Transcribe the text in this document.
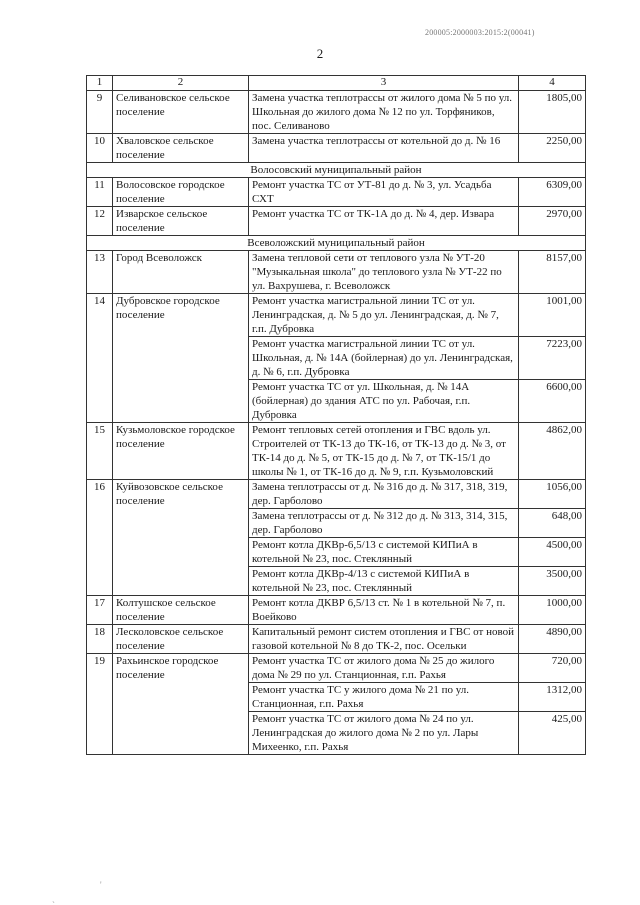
200005:2000003:2015:2(00041)
2
1	2	3	4
9	Селивановское сельское поселение	Замена участка теплотрассы от жилого дома № 5 по ул. Школьная до жилого дома № 12 по ул. Торфяников, пос. Селиваново	1805,00
10	Хваловское сельское поселение	Замена участка теплотрассы от котельной до д. № 16	2250,00
Волосовский муниципальный район			
11	Волосовское городское поселение	Ремонт участка ТС от УТ-81 до д. № 3, ул. Усадьба СХТ	6309,00
12	Изварское сельское поселение	Ремонт участка ТС от ТК-1А до д. № 4, дер. Извара	2970,00
Всеволожский муниципальный район			
13	Город Всеволожск	Замена тепловой сети от теплового узла № УТ-20 "Музыкальная школа" до теплового узла № УТ-22 по ул. Вахрушева, г. Всеволожск	8157,00
14	Дубровское городское поселение	Ремонт участка магистральной линии ТС от ул. Ленинградская, д. № 5 до ул. Ленинградская, д. № 7, г.п. Дубровка	1001,00
		Ремонт участка магистральной линии ТС от ул. Школьная, д. № 14А (бойлерная) до ул. Ленинградская, д. № 6, г.п. Дубровка	7223,00
		Ремонт участка ТС от ул. Школьная, д. № 14А (бойлерная) до здания АТС по ул. Рабочая, г.п. Дубровка	6600,00
15	Кузьмоловское городское поселение	Ремонт тепловых сетей отопления и ГВС вдоль ул. Строителей от ТК-13 до ТК-16, от ТК-13 до д. № 3, от ТК-14 до д. № 5, от ТК-15 до д. № 7, от ТК-15/1 до школы № 1, от ТК-16 до д. № 9, г.п. Кузьмоловский	4862,00
16	Куйвозовское сельское поселение	Замена теплотрассы от д. № 316 до д. № 317, 318, 319, дер. Гарболово	1056,00
		Замена теплотрассы от д. № 312 до д. № 313, 314, 315, дер. Гарболово	648,00
		Ремонт котла ДКВр-6,5/13 с системой КИПиА в котельной № 23, пос. Стеклянный	4500,00
		Ремонт котла ДКВр-4/13 с системой КИПиА в котельной № 23, пос. Стеклянный	3500,00
17	Колтушское сельское поселение	Ремонт котла ДКВР 6,5/13 ст. № 1 в котельной № 7, п. Воейково	1000,00
18	Лесколовское сельское поселение	Капитальный ремонт систем отопления и ГВС от новой газовой котельной № 8 до ТК-2, пос. Осельки	4890,00
19	Рахьинское городское поселение	Ремонт участка ТС от жилого дома № 25 до жилого дома № 29 по ул. Станционная, г.п. Рахья	720,00
		Ремонт участка ТС у жилого дома № 21 по ул. Станционная, г.п. Рахья	1312,00
		Ремонт участка ТС от жилого дома № 24 по ул. Ленинградская до жилого дома № 2 по ул. Лары Михеенко, г.п. Рахья	425,00
ˎ
'
